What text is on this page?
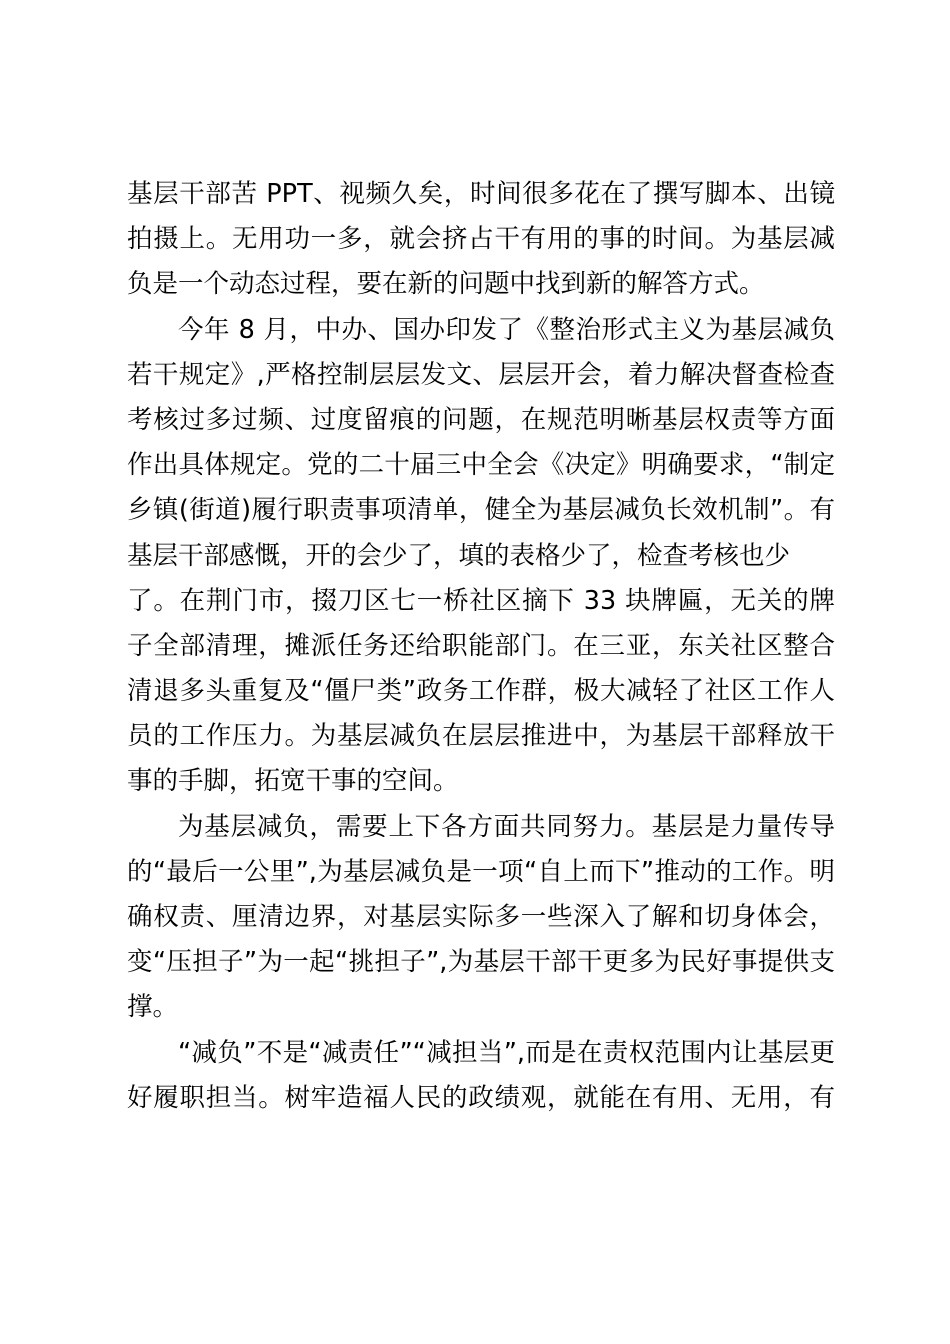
基层干部苦 PPT、视频久矣，时间很多花在了撰写脚本、出镜
拍摄上。无用功一多，就会挤占干有用的事的时间。为基层减
负是一个动态过程，要在新的问题中找到新的解答方式。
今年 8 月，中办、国办印发了《整治形式主义为基层减负
若干规定》,严格控制层层发文、层层开会，着力解决督查检查
考核过多过频、过度留痕的问题，在规范明晰基层权责等方面
作出具体规定。党的二十届三中全会《决定》明确要求，“制定
乡镇(街道)履行职责事项清单，健全为基层减负长效机制”。有
基层干部感慨，开的会少了，填的表格少了，检查考核也少
了。在荆门市，掇刀区七一桥社区摘下 33 块牌匾，无关的牌
子全部清理，摊派任务还给职能部门。在三亚，东关社区整合
清退多头重复及“僵尸类”政务工作群，极大减轻了社区工作人
员的工作压力。为基层减负在层层推进中，为基层干部释放干
事的手脚，拓宽干事的空间。
为基层减负，需要上下各方面共同努力。基层是力量传导
的“最后一公里”,为基层减负是一项“自上而下”推动的工作。明
确权责、厘清边界，对基层实际多一些深入了解和切身体会，
变“压担子”为一起“挑担子”,为基层干部干更多为民好事提供支
撑。
“减负”不是“减责任”“减担当”,而是在责权范围内让基层更
好履职担当。树牢造福人民的政绩观，就能在有用、无用，有
